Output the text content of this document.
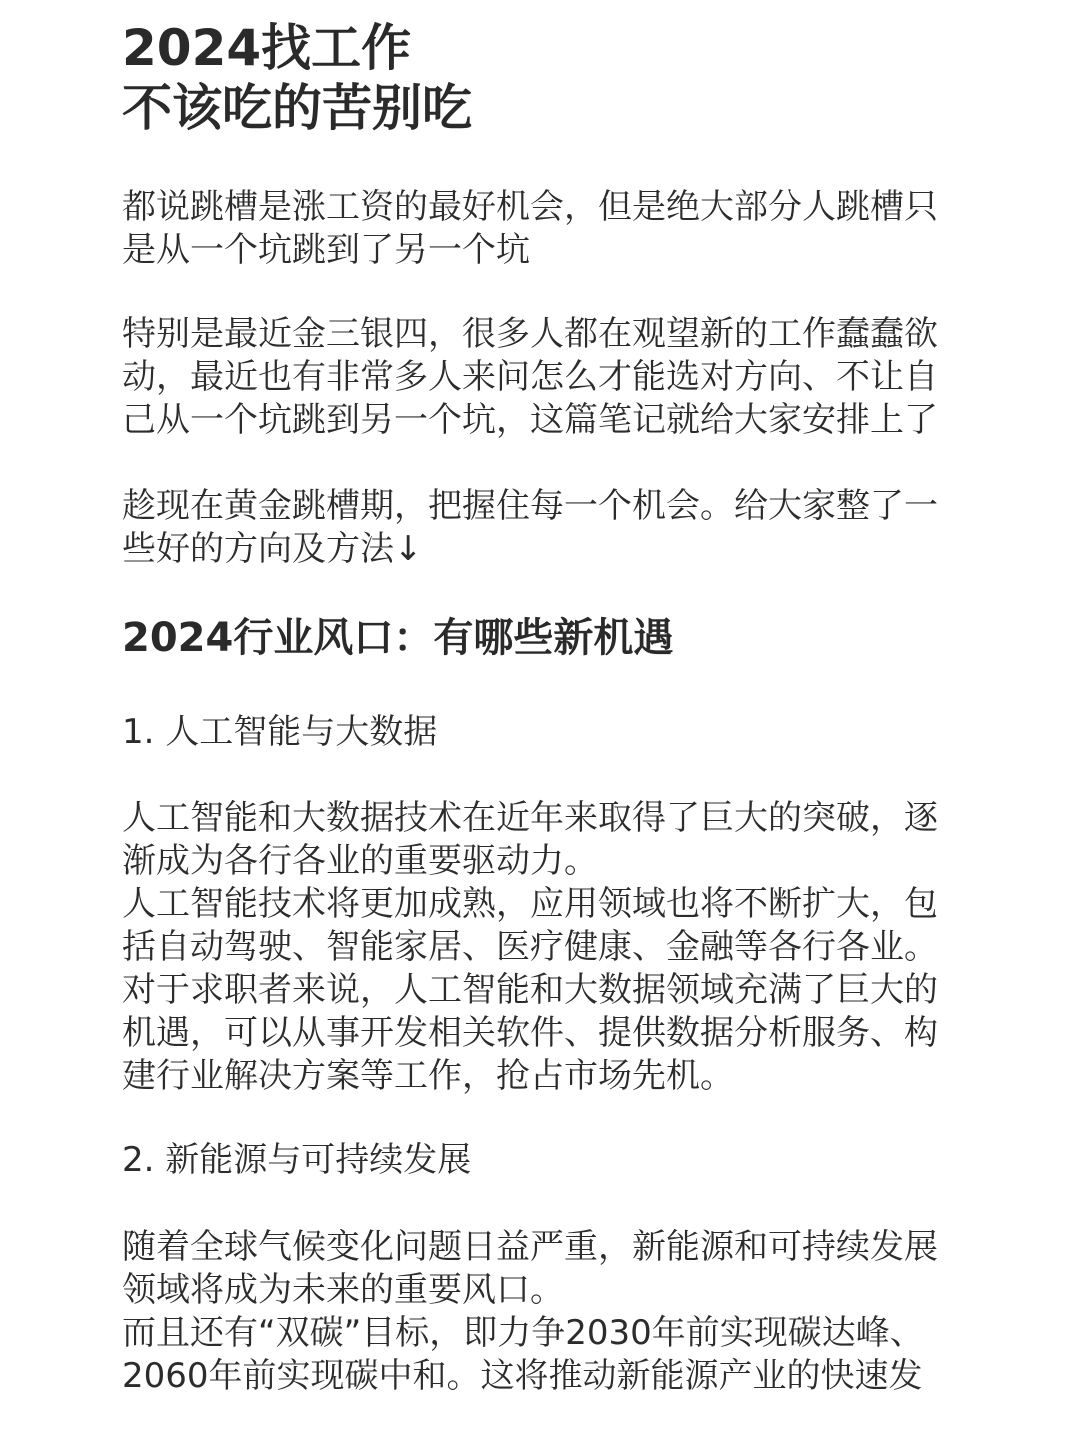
2024找工作
不该吃的苦别吃

都说跳槽是涨工资的最好机会，但是绝大部分人跳槽只
是从一个坑跳到了另一个坑

特别是最近金三银四，很多人都在观望新的工作蠢蠢欲
动，最近也有非常多人来问怎么才能选对方向、不让自
己从一个坑跳到另一个坑，这篇笔记就给大家安排上了

趁现在黄金跳槽期，把握住每一个机会。给大家整了一
些好的方向及方法↓

2024行业风口：有哪些新机遇

1. 人工智能与大数据

人工智能和大数据技术在近年来取得了巨大的突破，逐
渐成为各行各业的重要驱动力。
人工智能技术将更加成熟，应用领域也将不断扩大，包
括自动驾驶、智能家居、医疗健康、金融等各行各业。
对于求职者来说，人工智能和大数据领域充满了巨大的
机遇，可以从事开发相关软件、提供数据分析服务、构
建行业解决方案等工作，抢占市场先机。

2. 新能源与可持续发展

随着全球气候变化问题日益严重，新能源和可持续发展
领域将成为未来的重要风口。
而且还有“双碳”目标，即力争2030年前实现碳达峰、
2060年前实现碳中和。这将推动新能源产业的快速发
